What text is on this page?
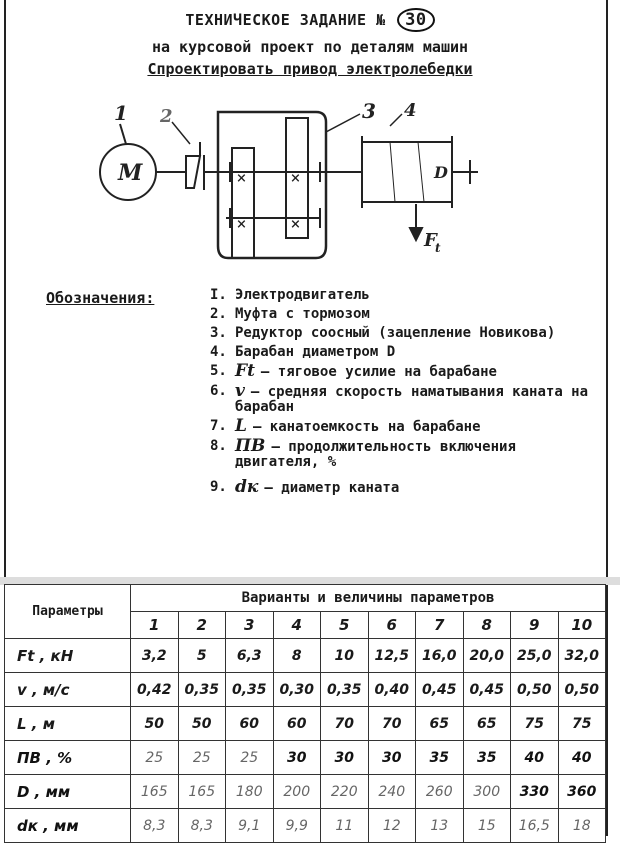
ТЕХНИЧЕСКОЕ ЗАДАНИЕ № 30
на курсовой проект по деталям машин
Спроектировать привод электролебедки
1 2	3 4
М	D
F
t
×
×
×
×
Обозначения:	I. Электродвигатель
2. Муфта с тормозом
3. Редуктор соосный (зацепление Новикова)
4. Барабан диаметром D
5. Ft – тяговое усилие на барабане
6. v – средняя скорость наматывания каната на барабан
7. L – канатоемкость на барабане
8. ПВ – продолжительность включения двигателя, %
9. dк – диаметр каната
Параметры	Варианты и величины параметров									
	1	2	3	4	5	6	7	8	9	10
Ft , кН	3,2	5	6,3	8	10	12,5	16,0	20,0	25,0	32,0
v , м/с	0,42	0,35	0,35	0,30	0,35	0,40	0,45	0,45	0,50	0,50
L , м	50	50	60	60	70	70	65	65	75	75
ПВ , %	25	25	25	30	30	30	35	35	40	40
D , мм	165	165	180	200	220	240	260	300	330	360
dк , мм	8,3	8,3	9,1	9,9	11	12	13	15	16,5	18
